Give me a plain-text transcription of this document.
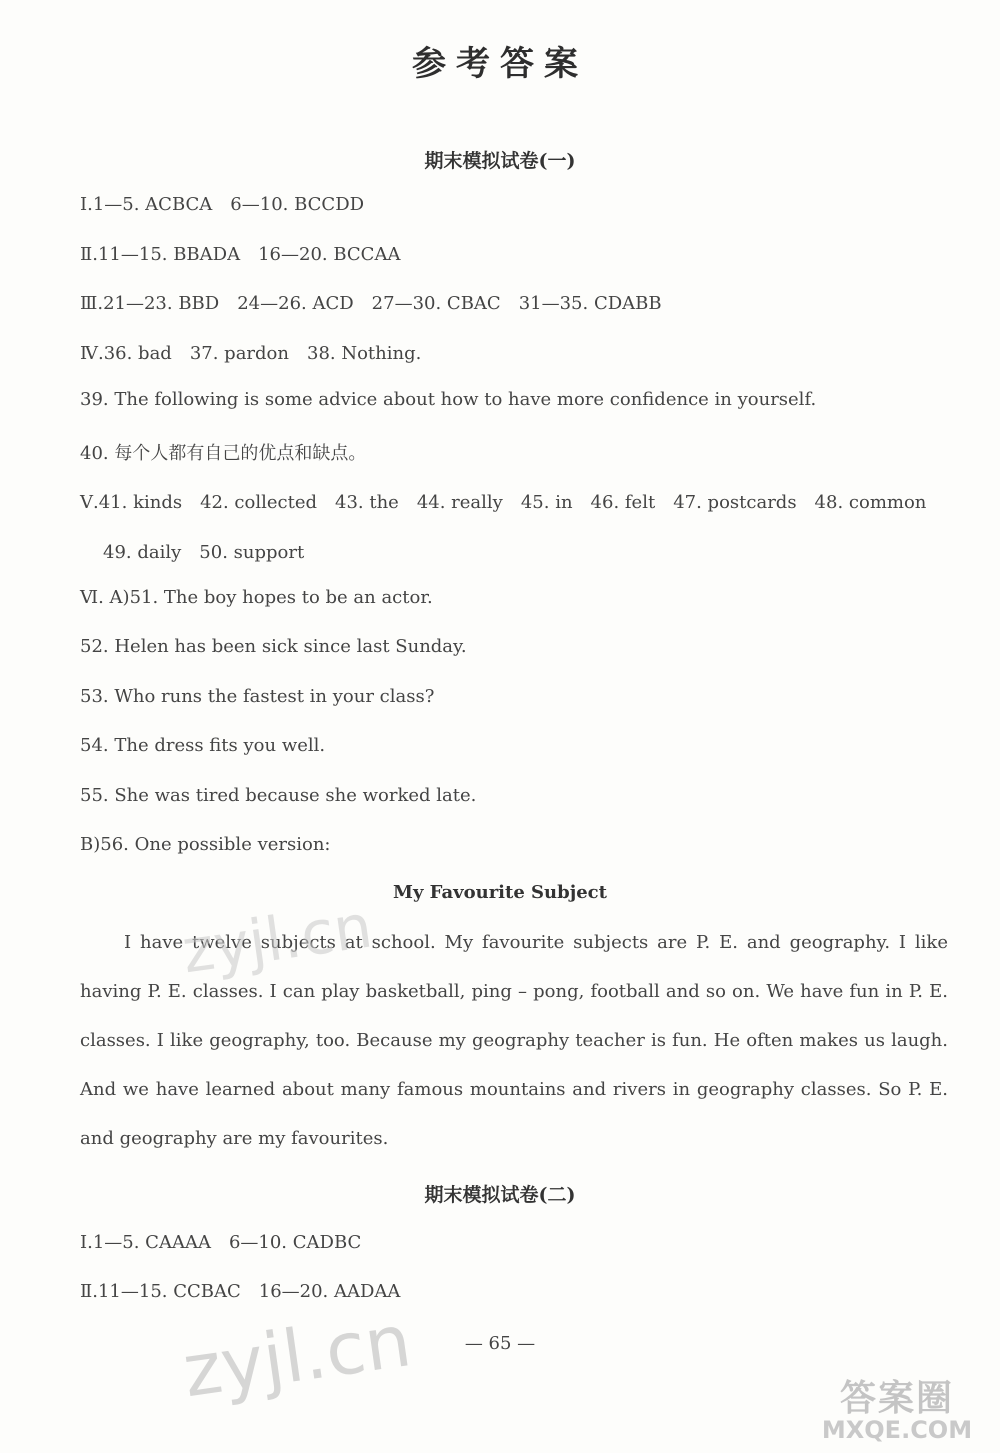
参考答案
期末模拟试卷(一)
Ⅰ.1—5. ACBCA　6—10. BCCDD
Ⅱ.11—15. BBADA　16—20. BCCAA
Ⅲ.21—23. BBD　24—26. ACD　27—30. CBAC　31—35. CDABB
Ⅳ.36. bad　37. pardon　38. Nothing.
39. The following is some advice about how to have more confidence in yourself.
40. 每个人都有自己的优点和缺点。
Ⅴ.41. kinds　42. collected　43. the　44. really　45. in　46. felt　47. postcards　48. common
49. daily　50. support
Ⅵ. A)51. The boy hopes to be an actor.
52. Helen has been sick since last Sunday.
53. Who runs the fastest in your class?
54. The dress fits you well.
55. She was tired because she worked late.
B)56. One possible version:
My Favourite Subject
I have twelve subjects at school. My favourite subjects are P. E. and geography. I like having P. E. classes. I can play basketball, ping – pong, football and so on. We have fun in P. E. classes. I like geography, too. Because my geography teacher is fun. He often makes us laugh. And we have learned about many famous mountains and rivers in geography classes. So P. E. and geography are my favourites.
期末模拟试卷(二)
Ⅰ.1—5. CAAAA　6—10. CADBC
Ⅱ.11—15. CCBAC　16—20. AADAA
— 65 —
zyjl.cn
zyjl.cn	答案圈
MXQE.COM
